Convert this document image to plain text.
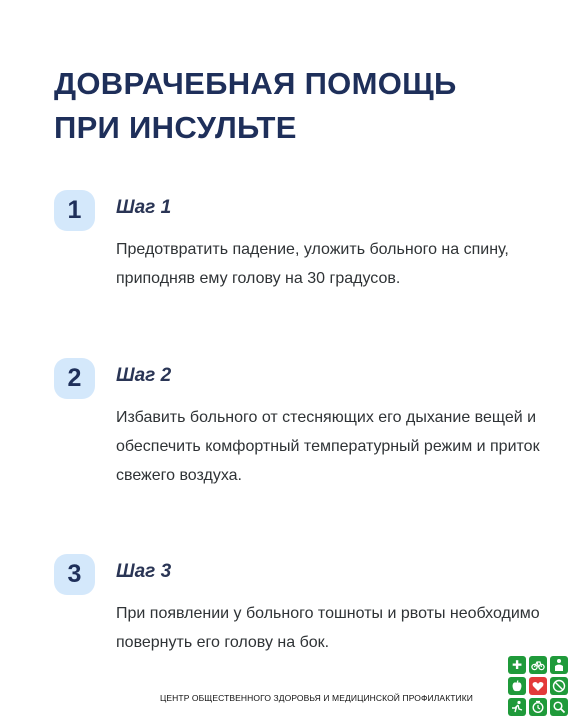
ДОВРАЧЕБНАЯ ПОМОЩЬ
ПРИ ИНСУЛЬТЕ
1	Шаг 1
Предотвратить падение, уложить больного на спину, приподняв ему голову на 30 градусов.
2	Шаг 2
Избавить больного от стесняющих его дыхание вещей и обеспечить комфортный температурный режим и приток свежего воздуха.
3	Шаг 3
При появлении у больного тошноты и рвоты необходимо повернуть его голову на бок.
ЦЕНТР ОБЩЕСТВЕННОГО ЗДОРОВЬЯ И МЕДИЦИНСКОЙ ПРОФИЛАКТИКИ
✚
